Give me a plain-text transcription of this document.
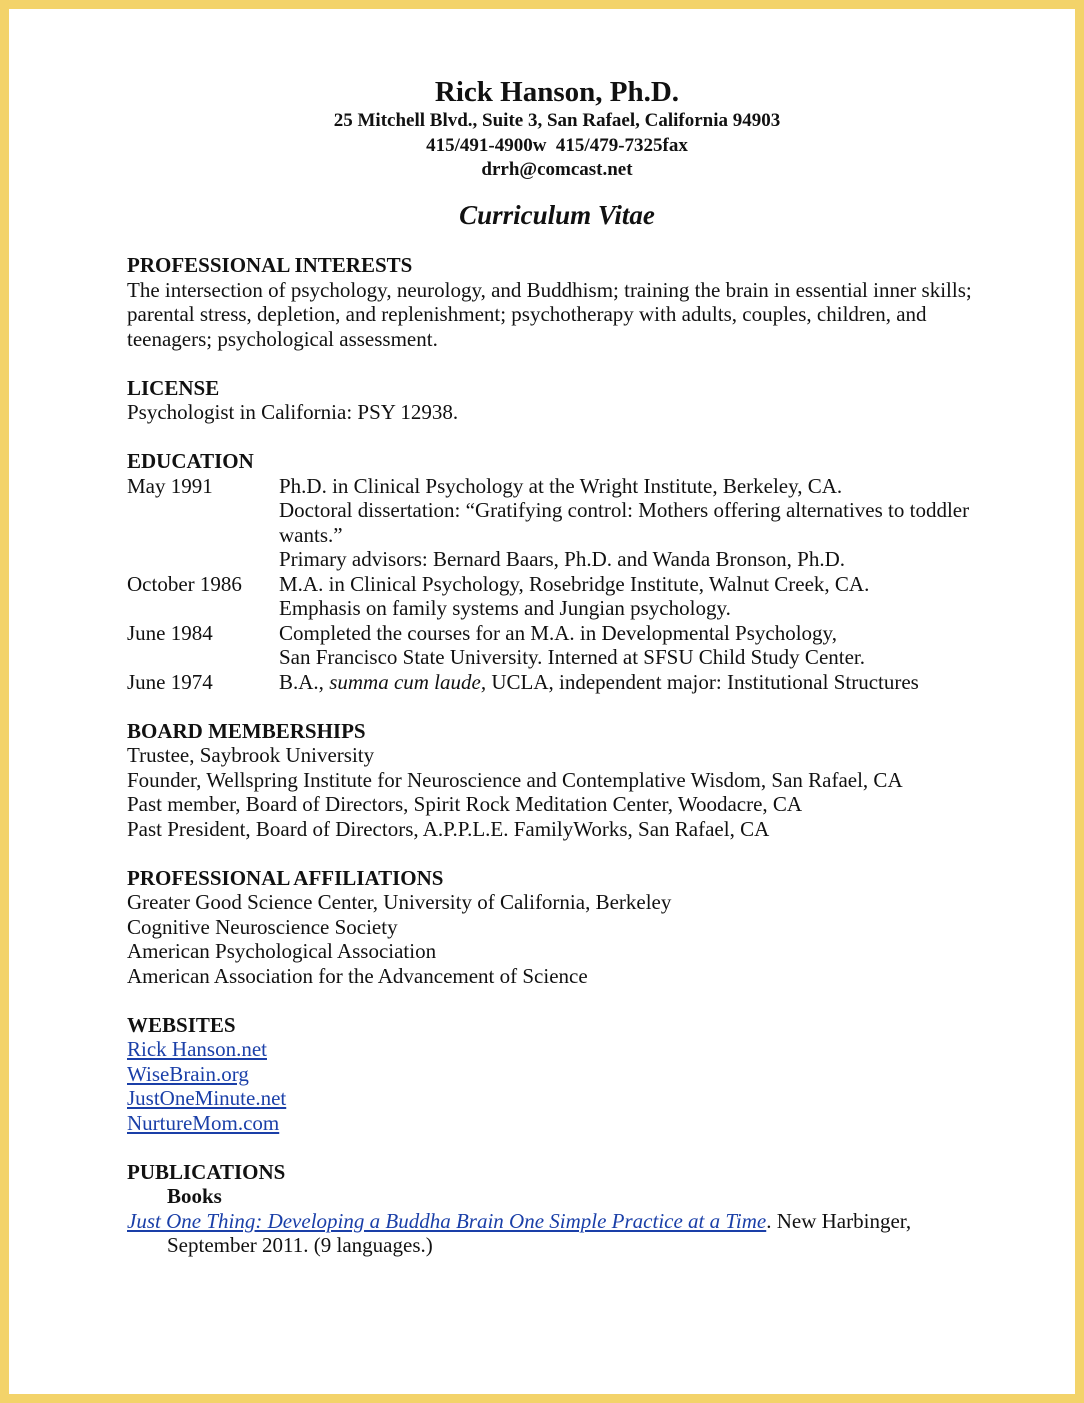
Rick Hanson, Ph.D.
25 Mitchell Blvd., Suite 3, San Rafael, California 94903
415/491-4900w  415/479-7325fax
drrh@comcast.net
Curriculum Vitae
PROFESSIONAL INTERESTS
The intersection of psychology, neurology, and Buddhism; training the brain in essential inner skills; parental stress, depletion, and replenishment; psychotherapy with adults, couples, children, and teenagers; psychological assessment.
LICENSE
Psychologist in California: PSY 12938.
EDUCATION
May 1991	Ph.D. in Clinical Psychology at the Wright Institute, Berkeley, CA.
Doctoral dissertation: “Gratifying control: Mothers offering alternatives to toddler wants.”
Primary advisors: Bernard Baars, Ph.D. and Wanda Bronson, Ph.D.
October 1986	M.A. in Clinical Psychology, Rosebridge Institute, Walnut Creek, CA.
Emphasis on family systems and Jungian psychology.
June 1984	Completed the courses for an M.A. in Developmental Psychology,
San Francisco State University. Interned at SFSU Child Study Center.
June 1974	B.A., summa cum laude, UCLA, independent major: Institutional Structures
BOARD MEMBERSHIPS
Trustee, Saybrook University
Founder, Wellspring Institute for Neuroscience and Contemplative Wisdom, San Rafael, CA
Past member, Board of Directors, Spirit Rock Meditation Center, Woodacre, CA
Past President, Board of Directors, A.P.P.L.E. FamilyWorks, San Rafael, CA
PROFESSIONAL AFFILIATIONS
Greater Good Science Center, University of California, Berkeley
Cognitive Neuroscience Society
American Psychological Association
American Association for the Advancement of Science
WEBSITES
Rick Hanson.net
WiseBrain.org
JustOneMinute.net
NurtureMom.com
PUBLICATIONS
Books
Just One Thing: Developing a Buddha Brain One Simple Practice at a Time. New Harbinger,
September 2011. (9 languages.)
